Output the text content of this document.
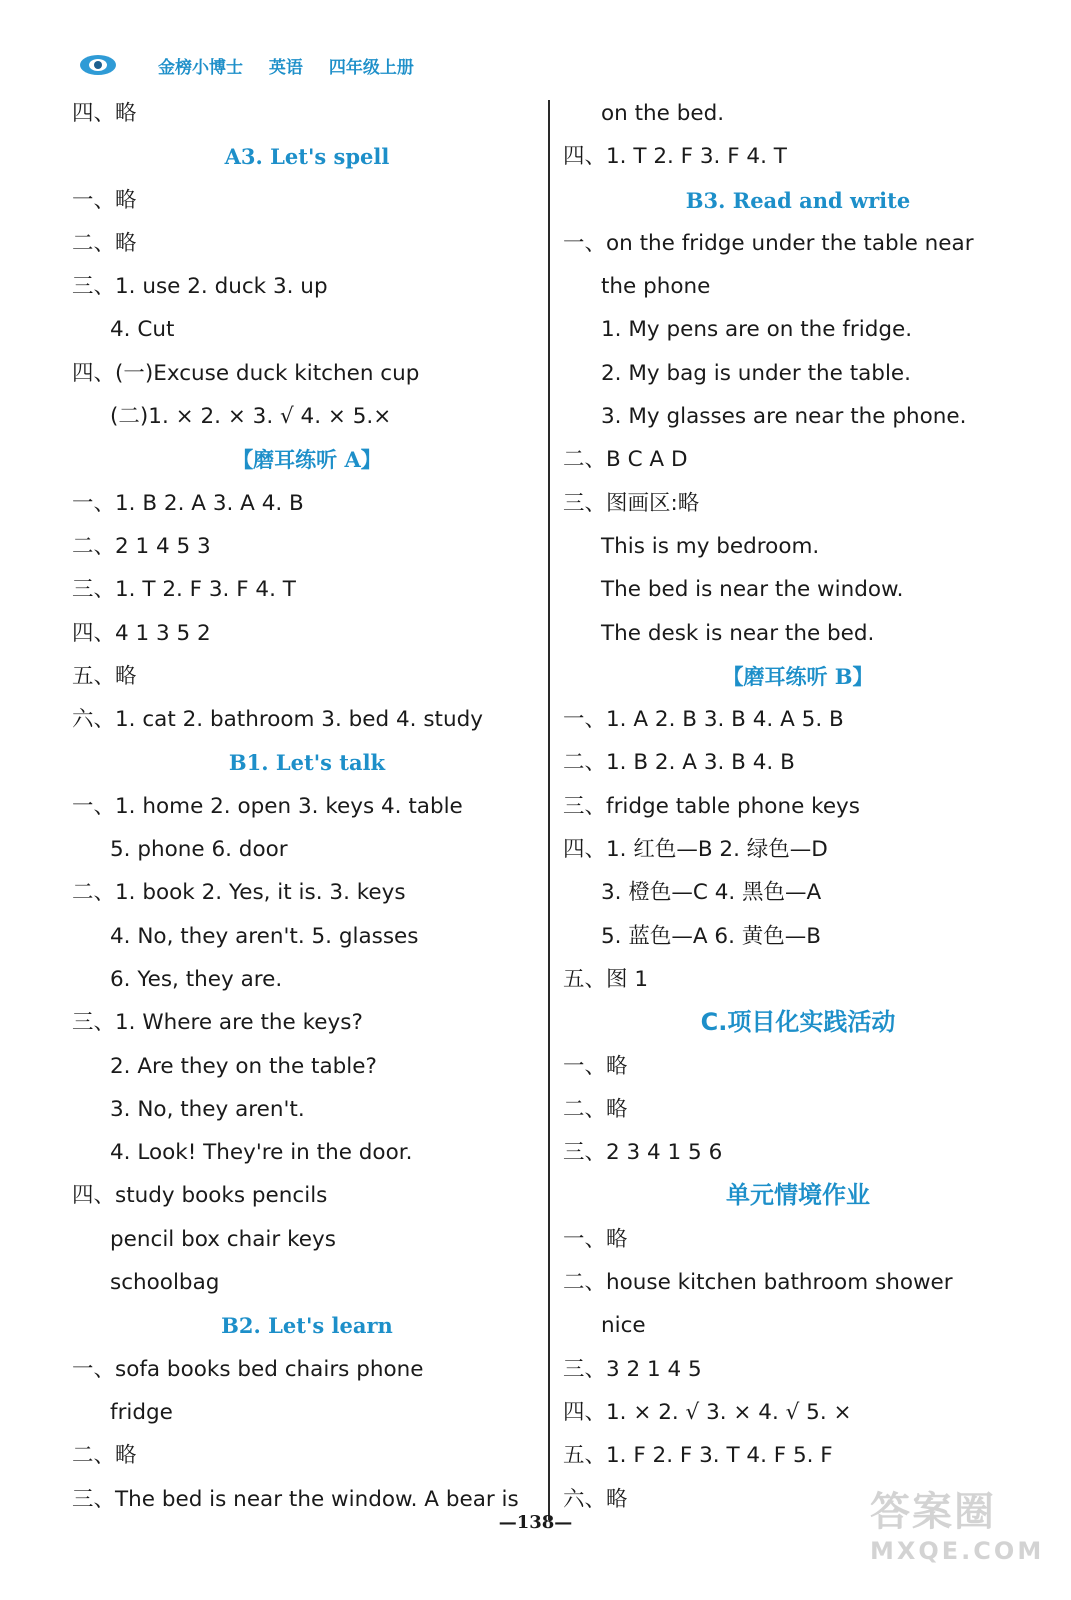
金榜小博士 英语 四年级上册
四、略
A3. Let's spell
一、略
二、略
三、1. use 2. duck 3. up
4. Cut
四、(一)Excuse duck kitchen cup
(二)1. × 2. × 3. √ 4. × 5.×
【磨耳练听 A】
一、1. B 2. A 3. A 4. B
二、2 1 4 5 3
三、1. T 2. F 3. F 4. T
四、4 1 3 5 2
五、略
六、1. cat 2. bathroom 3. bed 4. study
B1. Let's talk
一、1. home 2. open 3. keys 4. table
5. phone 6. door
二、1. book 2. Yes, it is. 3. keys
4. No, they aren't. 5. glasses
6. Yes, they are.
三、1. Where are the keys?
2. Are they on the table?
3. No, they aren't.
4. Look! They're in the door.
四、study books pencils
pencil box chair keys
schoolbag
B2. Let's learn
一、sofa books bed chairs phone
fridge
二、略
三、The bed is near the window. A bear is
on the bed.
四、1. T 2. F 3. F 4. T
B3. Read and write
一、on the fridge under the table near
the phone
1. My pens are on the fridge.
2. My bag is under the table.
3. My glasses are near the phone.
二、B C A D
三、图画区:略
This is my bedroom.
The bed is near the window.
The desk is near the bed.
【磨耳练听 B】
一、1. A 2. B 3. B 4. A 5. B
二、1. B 2. A 3. B 4. B
三、fridge table phone keys
四、1. 红色—B 2. 绿色—D
3. 橙色—C 4. 黑色—A
5. 蓝色—A 6. 黄色—B
五、图 1
C.项目化实践活动
一、略
二、略
三、2 3 4 1 5 6
单元情境作业
一、略
二、house kitchen bathroom shower
nice
三、3 2 1 4 5
四、1. × 2. √ 3. × 4. √ 5. ×
五、1. F 2. F 3. T 4. F 5. F
六、略
—138—	答案圈
MXQE.COM
